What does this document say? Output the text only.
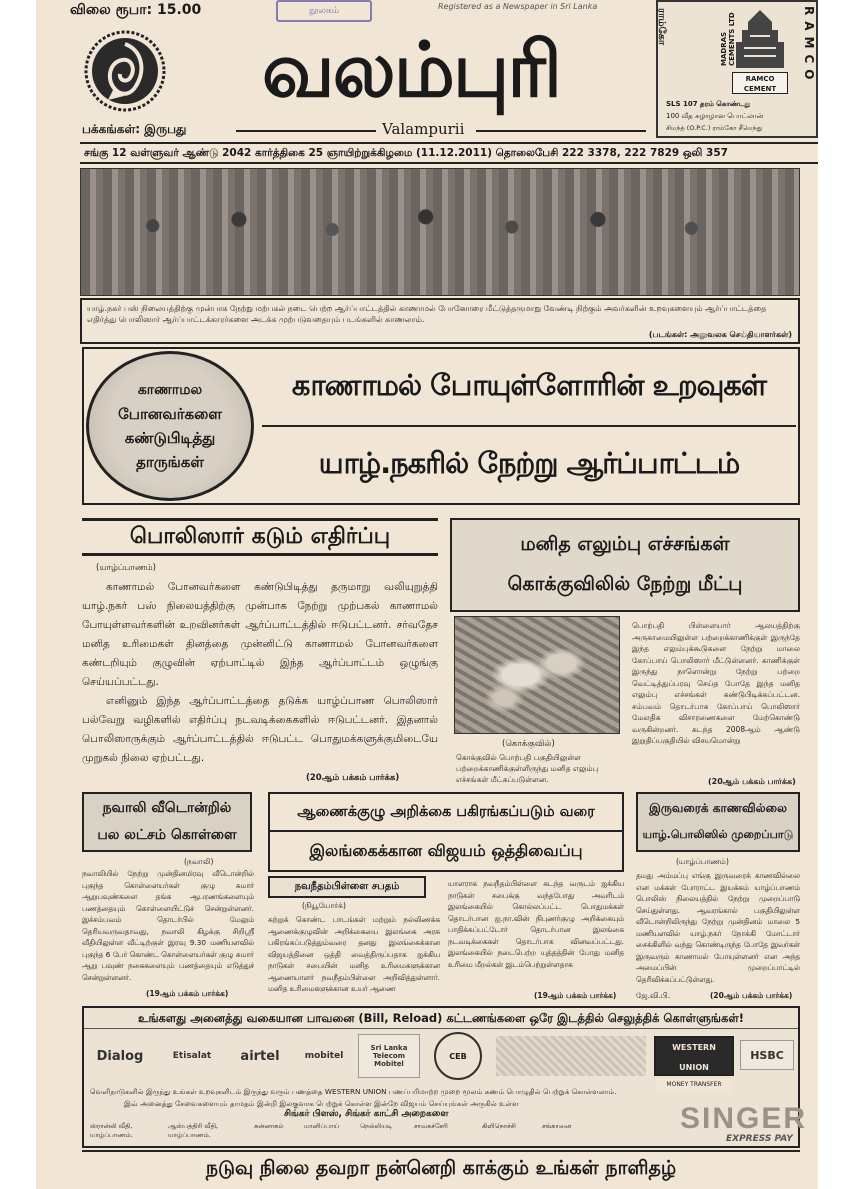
விலை ரூபா: 15.00	நூலகம்	Registered as a Newspaper in Sri Lanka
வலம்புரி
பக்கங்கள்: இருபது	Valampurii
ராம்கோ
MADRAS CEMENTS LTD
RAMCO CEMENT
RAMCO
SLS 107 தரம் கொண்டது
100 வீத சுழாழான பொட்லான்
சிமந்த் (O.P.C.) ராம்கோ சீமெந்து
சங்கு 12 வள்ளுவர் ஆண்டு 2042 கார்த்திகை 25 ஞாயிற்றுக்கிழமை (11.12.2011) தொலைபேசி 222 3378, 222 7829 ஒலி 357
யாழ்.நகர் பஸ் நிலையத்திற்கு முன்பாக நேற்று மற்பகல் நடை பெற்ற ஆர்ப்பாட்டத்தில் காணாமல் போனோரை மீட்டுத்தருமாறு வேண்டி நிற்கும் அவர்களின் உறவுகளையும் ஆர்ப்பாட்டத்தை எதிர்த்து பொலிஸார் ஆர்ப்பாட்டக்காரர்களை அடக்க முற்படுவதையும் படங்களில் காணலாம்.
(படங்கள்: அலுவலக செய்தியாளர்கள்)
காணாமல
போனவர்களை
கண்டுபிடித்து
தாருங்கள்
காணாமல் போயுள்ளோரின் உறவுகள்
யாழ்.நகரில் நேற்று ஆர்ப்பாட்டம்
பொலிஸார் கடும் எதிர்ப்பு
(யாழ்ப்பாணம்)
காணாமல் போனவர்களை கண்டுபிடித்து தருமாறு வலியுறுத்தி யாழ்.நகர் பஸ் நிலையத்திற்கு முன்பாக நேற்று முற்பகல் காணாமல் போயுள்ளவர்களின் உறவினர்கள் ஆர்ப்பாட்டத்தில் ஈடுபட்டனர். சர்வதேச மனித உரிமைகள் தினத்தை முன்னிட்டு காணாமல் போனவர்களை கண்டறியும் குழுவின் ஏற்பாட்டில் இந்த ஆர்ப்பாட்டம் ஒழுங்கு செய்யப்பட்டது.
எனினும் இந்த ஆர்ப்பாட்டத்தை தடுக்க யாழ்ப்பாண பொலிஸார் பல்வேறு வழிகளில் எதிர்ப்பு நடவடிக்கைகளில் ஈடுபட்டனர். இதனால் பொலிஸாருக்கும் ஆர்ப்பாட்டத்தில் ஈடுபட்ட பொதுமக்களுக்குமிடையே முறுகல் நிலை ஏற்பட்டது.
(20ஆம் பக்கம் பார்க்க)
மனித எலும்பு எச்சங்கள்
கொக்குவிலில் நேற்று மீட்பு
(கொக்குவில்)
கொக்குவில் பொற்பதி பகுதியிலுள்ள பற்றைக்காணிக்குள்ளிருந்து மனித எலும்பு எச்சங்கள் மீட்கப்படுள்ளன.
பொற்பதி பிள்ளையார் ஆலயத்திற்கு அருகாமையிலுள்ள பற்றைக்காணிக்குள் இருந்தே இந்த எலும்புக்கூடுகளை நேற்று மாலை கோப்பாய் பொலிஸார் மீட்டுள்ளனர். காணிக்குள் இருந்து நாளொன்று நேற்று பற்றை வெட்டித்துப்பரவு செய்த போதே இந்த மனித எலும்பு எச்சங்கள் கண்டுபிடிக்கப்பட்டன. சம்பவம் தொடர்பாக கோப்பாய் பொலிஸார் மேலதிக விசாரணைகளை மேற்கொண்டு வருகின்றனர். கடந்த 2008ஆம் ஆண்டு இறுதிப்பகுதியில் விசயமொன்று
(20ஆம் பக்கம் பார்க்க)
நவாலி வீடொன்றில்
பல லட்சம் கொள்ளை
(நவாலி)
நவாலியில் நேற்று முன்தினமிரவு வீடொன்றில் புகுந்த கொள்ளையர்கள் குழு சுமார் ஆறுபவுண்களை தங்க ஆபரணங்களையும் பணத்தையும் கொள்ளையிட்டுச் சென்றுள்ளனர். இச்சம்பவம் தொடர்பில் மேலும் தெரியவருவதாவது, நவாலி கிழக்கு சிறிஸ்ரீ வீதியிலுள்ள வீட்டிற்குள் இரவு 9.30 மணியளவில் புகுந்த 6 பேர் கொண்ட கொள்ளையர்கள் குழு சுமார் ஆறு பவுண் நகைகளையும் பணத்தையும் எடுத்துச் சென்றுள்ளனர்.
(19ஆம் பக்கம் பார்க்க)
ஆணைக்குழு அறிக்கை பகிரங்கப்படும் வரை
இலங்கைக்கான விஜயம் ஒத்திவைப்பு
நவநீதம்பிள்ளை சபதம்
(நியூயோர்க்)
கற்றுக் கொண்ட பாடங்கள் மற்றும் நல்லிணக்க ஆணைக்குழுவின் அறிக்கையை இலங்கை அரசு பகிரங்கப்படுத்தும்வரை தனது இலங்கைக்கான விஜயத்தினை ஒத்தி வைத்திருப்பதாக ஐக்கிய நாடுகள் சபையின் மனித உரிமைகளுக்கான ஆணையாளர் நவநீதம்பிள்ளை அறிவித்துள்ளார். மனித உரிமைகளுக்கான உயர் ஆணை
யாளராக நவநீதம்பிள்ளை கடந்த வருடம் ஐக்கிய நாடுகள் சபைக்கு வந்தபோது அவரிடம் இலங்கையில் கொல்லப்பட்ட பொதுமக்கள் தொடர்பான ஐ.நா.வின் நிபுணர்குழு அறிக்கையும் பாதிக்கப்பட்டோர் தொடர்பான இலங்கை நடவடிக்கைகள் தொடர்பாக வினவப்பட்டது. இலங்கையில் நடைபெற்ற யுத்தத்தின் போது மனித உரிமை மீறல்கள் இடம்பெற்றுள்ளதாக
(19ஆம் பக்கம் பார்க்க)
இருவரைக் காணவில்லை
யாழ்.பொலிஸில் முறைப்பாடு
(யாழ்ப்பாணம்)
தமது அம்மப்பு எங்கு இருவரைக் காணவில்லை என மக்கள் போராட்ட இயக்கம் யாழ்ப்பாணம் பொலிஸ் நிலையத்தில் நேற்று முறைப்பாடு செய்துள்ளது. ஆவரங்கால் பகுதியிலுள்ள வீடொன்றிலிருந்து நேற்று முன்தினம் மாலை 5 மணியளவில் யாழ்.நகர் நோக்கி மோட்டார் சைக்கிளில் வந்து கொண்டிருந்த போதே இவர்கள் இருவரும் காணாமல் போயுள்ளனர் என அந்த அமைப்பின் முறைப்பாட்டில் தெரிவிக்கப்பட்டுள்ளது.
ஜே.வி.பி.	(20ஆம் பக்கம் பார்க்க)
உங்களது அனைத்து வகையான பாவனை (Bill, Reload) கட்டணங்களை ஒரே இடத்தில் செலுத்திக் கொள்ளுங்கள்!
Dialog	Etisalat	airtel	mobitel
Sri Lanka Telecom Mobitel
CEB
WESTERN UNION
MONEY TRANSFER
HSBC
வெளிநாடுகளில் இருந்து உங்கள் உறவுகளிடம் இருந்து வரும் பணத்தை WESTERN UNION பணப்பரிமாற்ற முறை மூலம் கணம் பொழுதில் பெற்றுக் கொள்ளலாம்.
இவ் அனைத்து சேவைகளையும் தாமதம் இன்றி இலகுவாக பெற்றுக் கொள்ள இன்றே விஜயம் செய்யுங்கள் அருகில் உள்ள
சிங்கர் பிளஸ், சிங்கர் காட்சி அறைகளை
ஸ்ரான்லி வீதி, யாழ்ப்பாணம்.
ஆஸ்பத்திரி வீதி, யாழ்ப்பாணம்.
சுன்னாகம்	மானிப்பாய்	நெல்லியடி	சாவகச்சேரி	கிளிநொச்சி	சங்கானை	SINGER
EXPRESS PAY
நடுவு நிலை தவறா நன்னெறி காக்கும் உங்கள் நாளிதழ்
